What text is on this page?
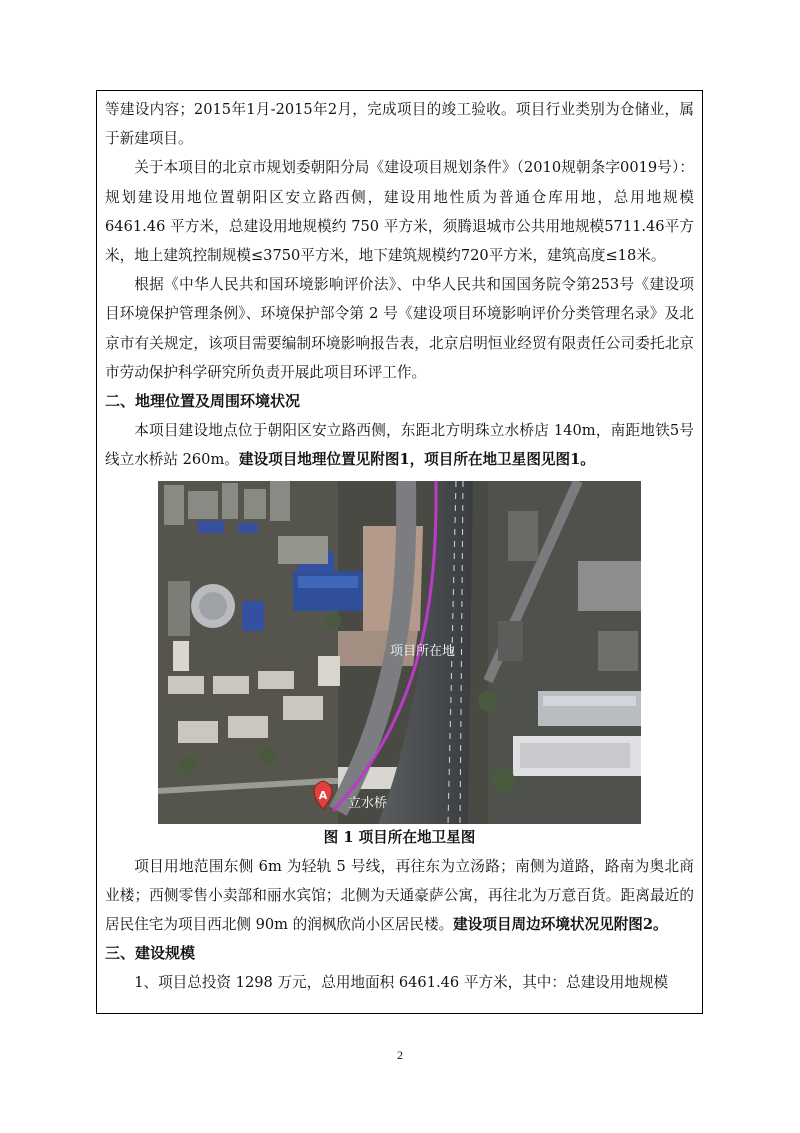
等建设内容；2015年1月-2015年2月，完成项目的竣工验收。项目行业类别为仓储业，属于新建项目。

关于本项目的北京市规划委朝阳分局《建设项目规划条件》（2010规朝条字0019号）：规划建设用地位置朝阳区安立路西侧，建设用地性质为普通仓库用地，总用地规模 6461.46 平方米，总建设用地规模约 750 平方米，须腾退城市公共用地规模5711.46平方米，地上建筑控制规模≤3750平方米，地下建筑规模约720平方米，建筑高度≤18米。

根据《中华人民共和国环境影响评价法》、中华人民共和国国务院令第253号《建设项目环境保护管理条例》、环境保护部令第 2 号《建设项目环境影响评价分类管理名录》及北京市有关规定，该项目需要编制环境影响报告表，北京启明恒业经贸有限责任公司委托北京市劳动保护科学研究所负责开展此项目环评工作。

二、地理位置及周围环境状况

本项目建设地点位于朝阳区安立路西侧，东距北方明珠立水桥店 140m，南距地铁5号线立水桥站 260m。建设项目地理位置见附图1，项目所在地卫星图见图1。

A
项目所在地
立水桥
图 1 项目所在地卫星图

项目用地范围东侧 6m 为轻轨 5 号线，再往东为立汤路；南侧为道路，路南为奥北商业楼；西侧零售小卖部和丽水宾馆；北侧为天通豪萨公寓，再往北为万意百货。距离最近的居民住宅为项目西北侧 90m 的润枫欣尚小区居民楼。建设项目周边环境状况见附图2。

三、建设规模

1、项目总投资 1298 万元，总用地面积 6461.46 平方米，其中：总建设用地规模

2
